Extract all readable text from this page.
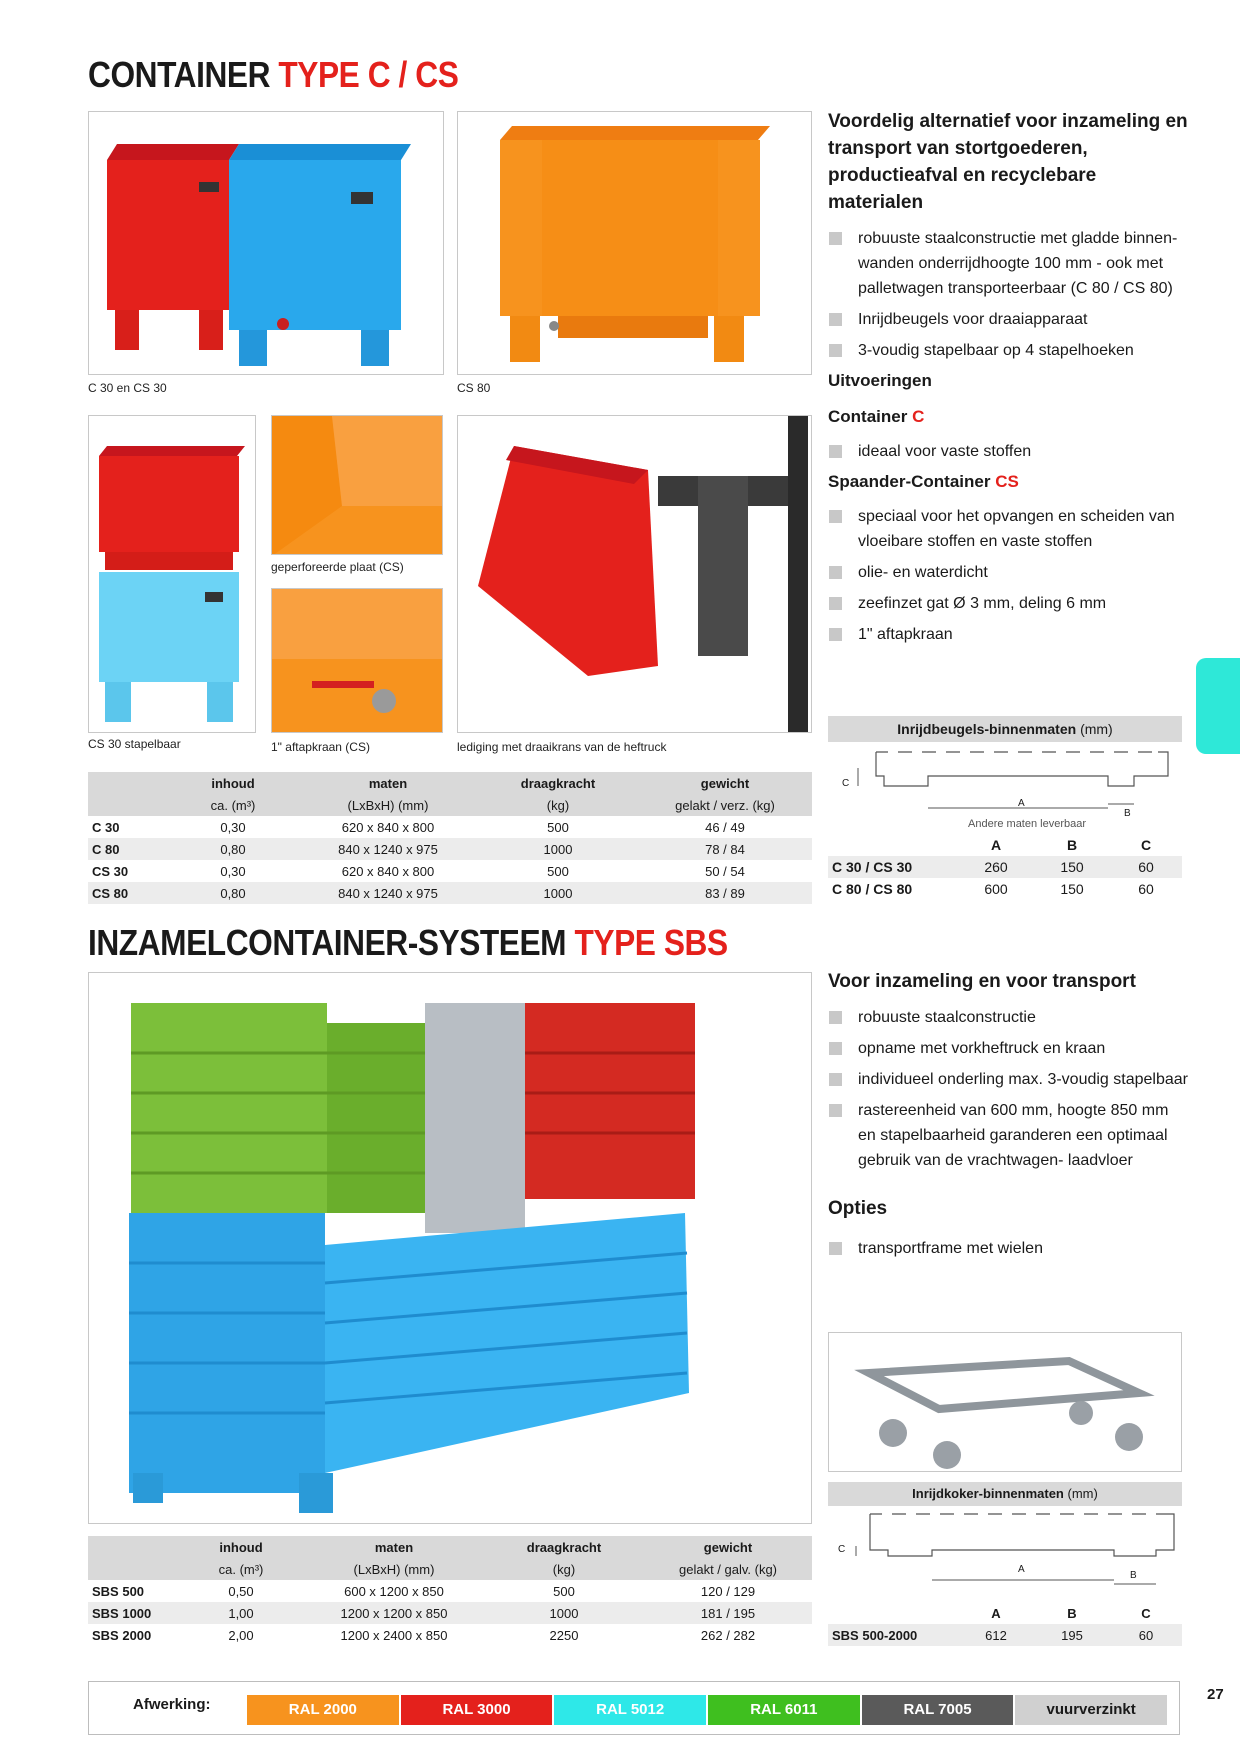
CONTAINER TYPE C / CS
C 30 en CS 30	CS 80
Voordelig alternatief voor inzameling en transport van stortgoederen, productieafval en recyclebare materialen
robuuste staalconstructie met gladde binnen-wanden onderrijdhoogte 100 mm - ook met palletwagen transporteerbaar (C 80 / CS 80)
Inrijdbeugels voor draaiapparaat
3-voudig stapelbaar op 4 stapelhoeken
Uitvoeringen
Container C
ideaal voor vaste stoffen
Spaander-Container CS
speciaal voor het opvangen en scheiden van vloeibare stoffen en vaste stoffen
olie- en waterdicht
zeefinzet gat Ø 3 mm, deling 6 mm
1" aftapkraan
CS 30 stapelbaar
geperforeerde plaat (CS)
1" aftapkraan (CS)	lediging met draaikrans van de heftruck
	inhoud	maten	draagkracht	gewicht
	ca. (m³)	(LxBxH) (mm)	(kg)	gelakt / verz. (kg)
C 30	0,30	620 x 840 x 800	500	46 / 49
C 80	0,80	840 x 1240 x 975	1000	78 / 84
CS 30	0,30	620 x 840 x 800	500	50 / 54
CS 80	0,80	840 x 1240 x 975	1000	83 / 89
Inrijdbeugels-binnenmaten (mm)
C
A
B
Andere maten leverbaar
	A	B	C
C 30 / CS 30	260	150	60
C 80 / CS 80	600	150	60
INZAMELCONTAINER-SYSTEEM TYPE SBS
Voor inzameling en voor transport
robuuste staalconstructie
opname met vorkheftruck en kraan
individueel onderling max. 3-voudig stapelbaar
rastereenheid van 600 mm, hoogte 850 mm en stapelbaarheid garanderen een optimaal gebruik van de vrachtwagen- laadvloer
Opties
transportframe met wielen
Inrijdkoker-binnenmaten (mm)
C
A
B
	A	B	C
SBS 500-2000	612	195	60
	inhoud	maten	draagkracht	gewicht
	ca. (m³)	(LxBxH) (mm)	(kg)	gelakt / galv. (kg)
SBS 500	0,50	600 x 1200 x 850	500	120 / 129
SBS 1000	1,00	1200 x 1200 x 850	1000	181 / 195
SBS 2000	2,00	1200 x 2400 x 850	2250	262 / 282
Afwerking:	RAL 2000	RAL 3000	RAL 5012	RAL 6011	RAL 7005	vuurverzinkt
27
